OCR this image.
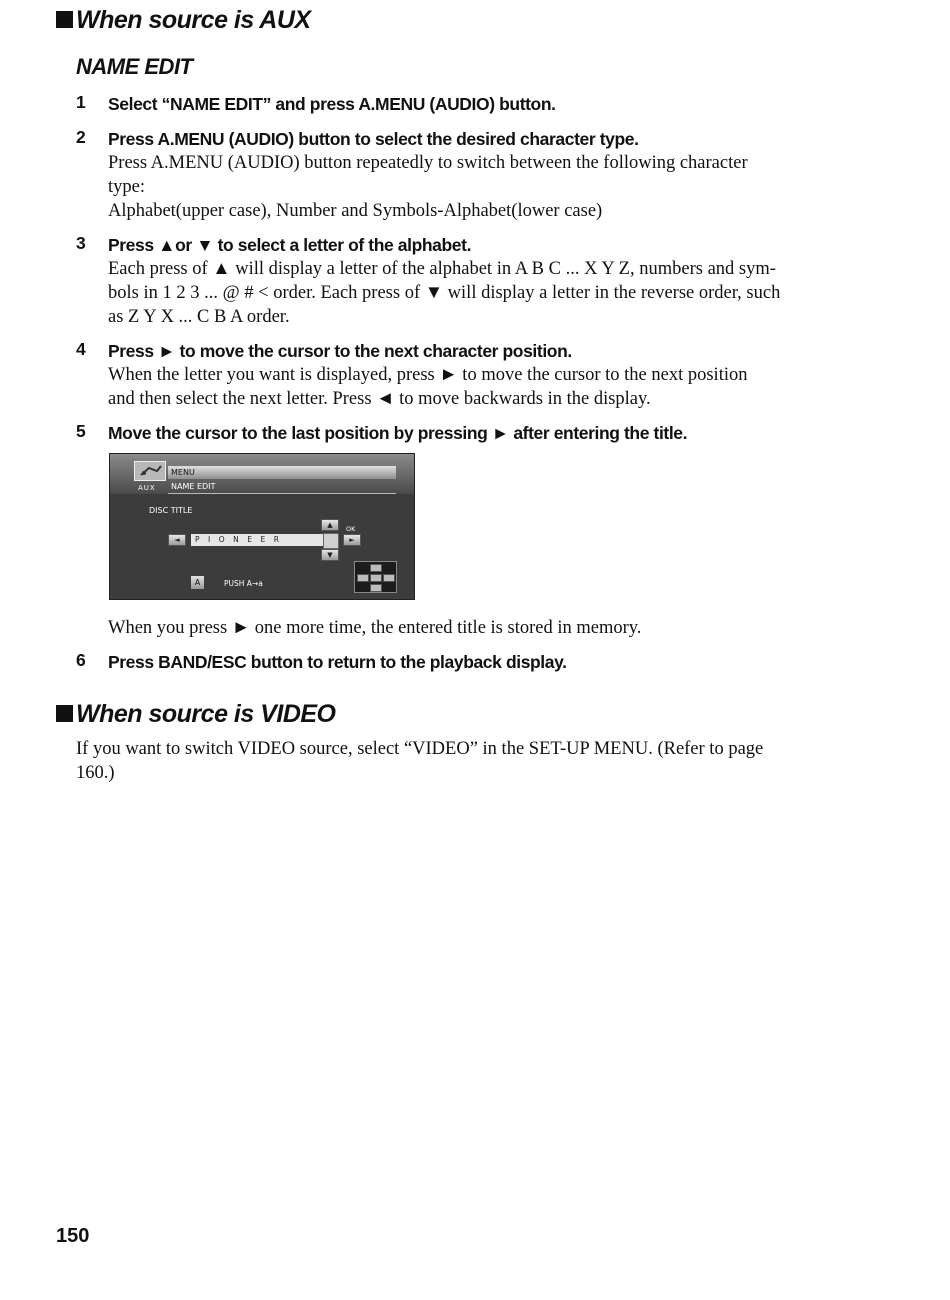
When source is AUX
NAME EDIT
1 Select “NAME EDIT” and press A.MENU (AUDIO) button.
2 Press A.MENU (AUDIO) button to select the desired character type.
Press A.MENU (AUDIO) button repeatedly to switch between the following character
type:
Alphabet(upper case), Number and Symbols-Alphabet(lower case)
3 Press ▲or ▼ to select a letter of the alphabet.
Each press of ▲ will display a letter of the alphabet in A B C ... X Y Z, numbers and sym-
bols in 1 2 3 ... @ # < order. Each press of ▼ will display a letter in the reverse order, such
as Z Y X ... C B A order.
4 Press ► to move the cursor to the next character position.
When the letter you want is displayed, press ► to move the cursor to the next position
and then select the next letter. Press ◄ to move backwards in the display.
5 Move the cursor to the last position by pressing ► after entering the title.
MENU
AUX NAME EDIT
DISC TITLE
◄	PIONEER
▲
▼
OK
►
A	PUSH A→a
When you press ► one more time, the entered title is stored in memory.
6 Press BAND/ESC button to return to the playback display.
When source is VIDEO
If you want to switch VIDEO source, select “VIDEO” in the SET-UP MENU. (Refer to page
160.)
150
